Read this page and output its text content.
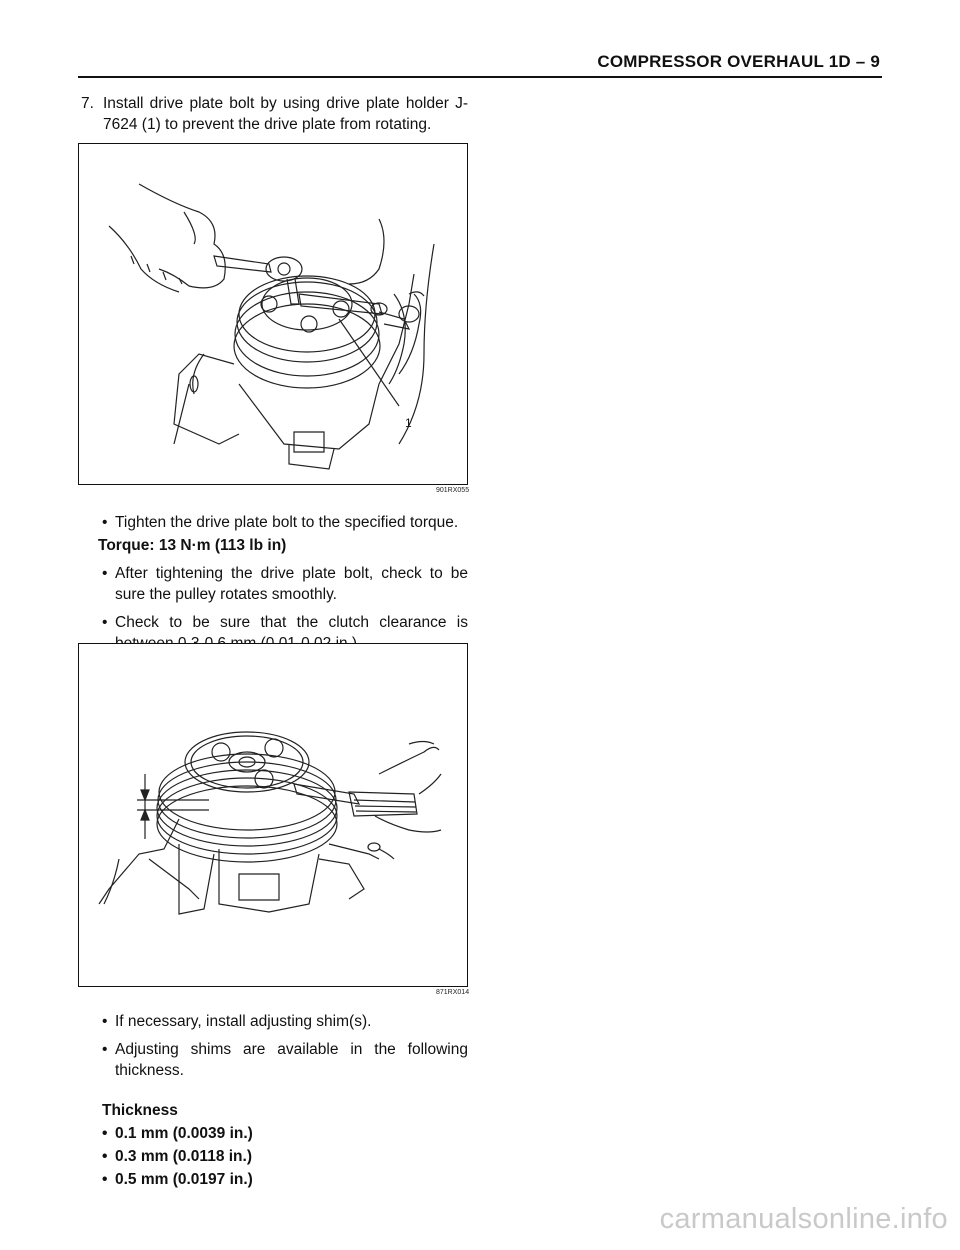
COMPRESSOR OVERHAUL 1D – 9
7. Install drive plate bolt by using drive plate holder J-7624 (1) to prevent the drive plate from rotating.
1
901RX055

• Tighten the drive plate bolt to the specified torque.

Torque: 13 N·m (113 lb in)

• After tightening the drive plate bolt, check to be sure the pulley rotates smoothly.

• Check to be sure that the clutch clearance is

871RX014

• If necessary, install adjusting shim(s).

• Adjusting shims are available in the following thickness.

Thickness

• 0.1 mm (0.0039 in.)

• 0.3 mm (0.0118 in.)

• 0.5 mm (0.0197 in.)

carmanualsonline.info
